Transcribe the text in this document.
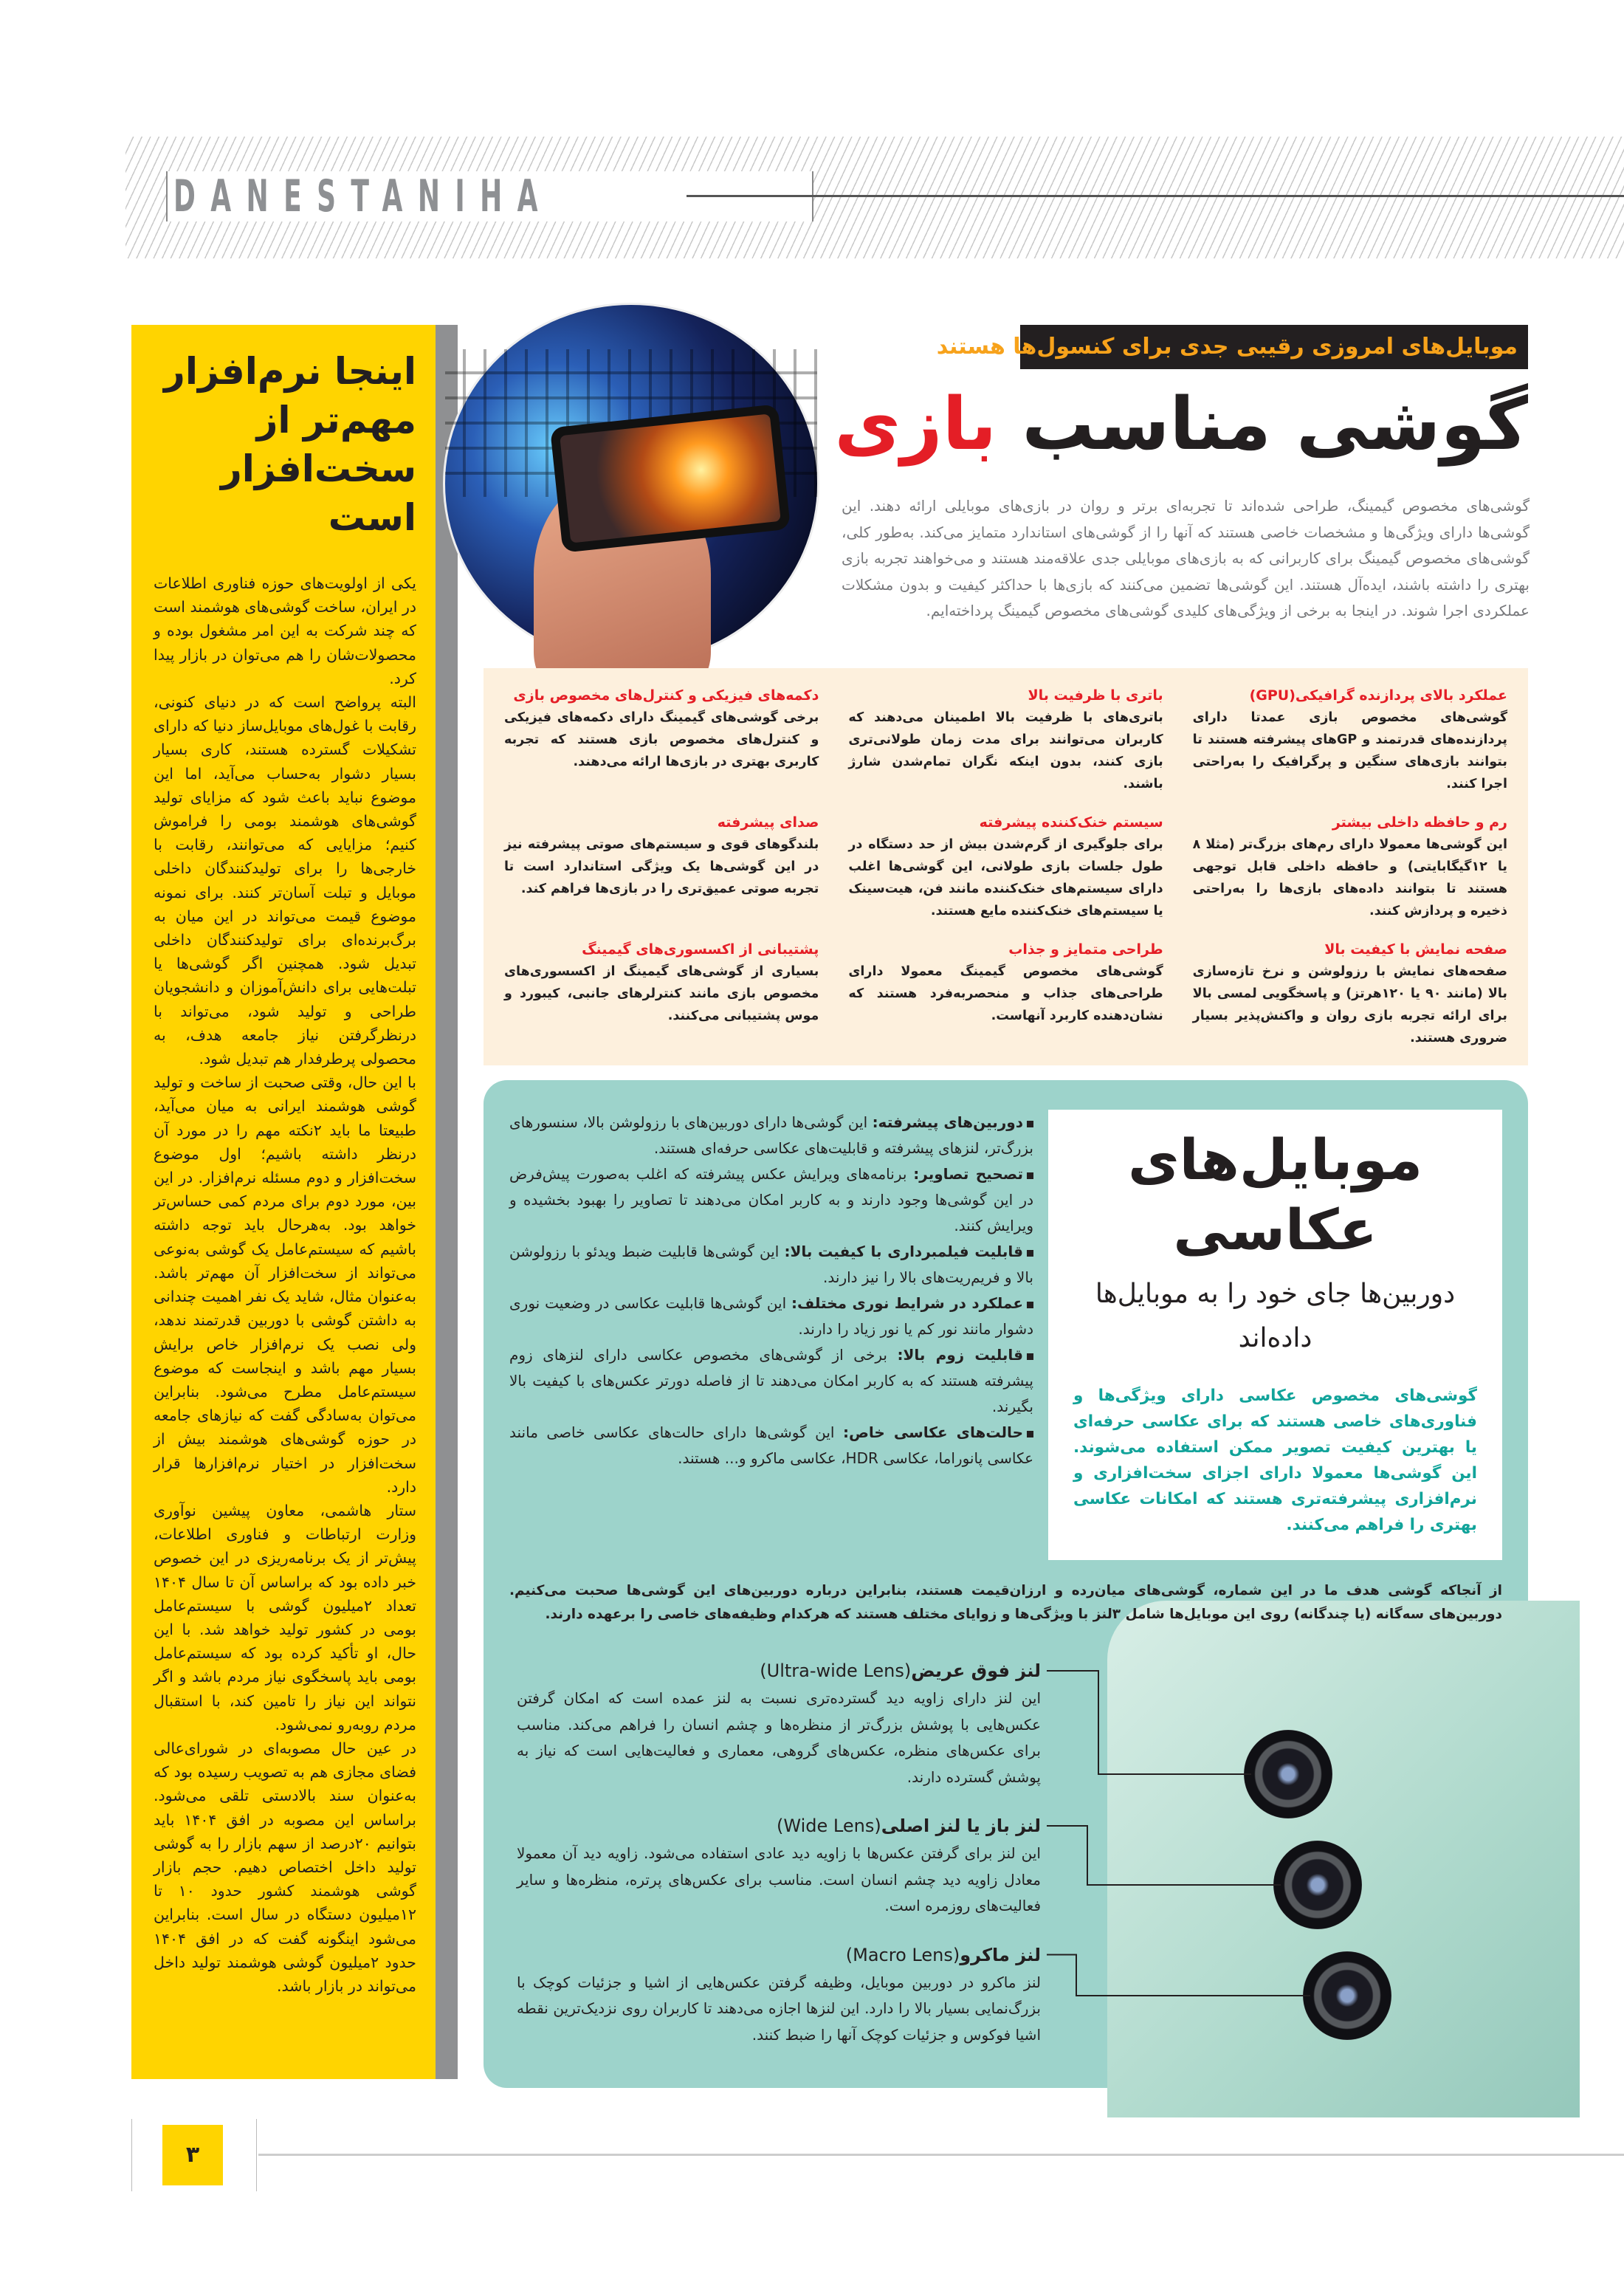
DANESTANIHA
اینجا نرم‌افزار مهم‌تر از سخت‌افزار است

یکی از اولویت‌های حوزه فناوری اطلاعات در ایران، ساخت گوشی‌های هوشمند است که چند شرکت به این امر مشغول بوده و محصولات‌شان را هم می‌توان در بازار پیدا کرد.

البته پرواضح است که در دنیای کنونی، رقابت با غول‌های موبایل‌ساز دنیا که دارای تشکیلات گسترده هستند، کاری بسیار بسیار دشوار به‌حساب می‌آید، اما این موضوع نباید باعث شود که مزایای تولید گوشی‌های هوشمند بومی را فراموش کنیم؛ مزایایی که می‌توانند، رقابت با خارجی‌ها را برای تولیدکنندگان داخلی موبایل و تبلت آسان‌تر کنند. برای نمونه موضوع قیمت می‌تواند در این میان به برگ‌برنده‌ای برای تولیدکنندگان داخلی تبدیل شود. همچنین اگر گوشی‌ها یا تبلت‌هایی برای دانش‌آموزان و دانشجویان طراحی و تولید شود، می‌تواند با درنظرگرفتن نیاز جامعه هدف، به محصولی پرطرفدار هم تبدیل شود.

با این حال، وقتی صحبت از ساخت و تولید گوشی هوشمند ایرانی به میان می‌آید، طبیعتا ما باید ۲نکته مهم را در مورد آن درنظر داشته باشیم؛ اول موضوع سخت‌افزار و دوم مسئله نرم‌افزار. در این بین، مورد دوم برای مردم کمی حساس‌تر خواهد بود. به‌هرحال باید توجه داشته باشیم که سیستم‌عامل یک گوشی به‌نوعی می‌تواند از سخت‌افزار آن مهم‌تر باشد. به‌عنوان مثال، شاید یک نفر اهمیت چندانی به داشتن گوشی با دوربین قدرتمند ندهد، ولی نصب یک نرم‌افزار خاص برایش بسیار مهم باشد و اینجاست که موضوع سیستم‌عامل مطرح می‌شود. بنابراین می‌توان به‌سادگی گفت که نیازهای جامعه در حوزه گوشی‌های هوشمند بیش از سخت‌افزار در اختیار نرم‌افزارها قرار دارد.

ستار هاشمی، معاون پیشین نوآوری وزارت ارتباطات و فناوری اطلاعات، پیش‌تر از یک برنامه‌ریزی در این خصوص خبر داده بود که براساس آن تا سال ۱۴۰۴ تعداد ۲میلیون گوشی با سیستم‌عامل بومی در کشور تولید خواهد شد. با این حال، او تأکید کرده بود که سیستم‌عامل بومی باید پاسخگوی نیاز مردم باشد و اگر نتواند این نیاز را تامین کند، با استقبال مردم روبه‌رو نمی‌شود.

در عین حال مصوبه‌ای در شورای‌عالی فضای مجازی هم به تصویب رسیده بود که به‌عنوان سند بالادستی تلقی می‌شود. براساس این مصوبه در افق ۱۴۰۴ باید بتوانیم ۲۰درصد از سهم بازار را به گوشی تولید داخل اختصاص دهیم. حجم بازار گوشی هوشمند کشور حدود ۱۰ تا ۱۲میلیون دستگاه در سال است. بنابراین می‌شود اینگونه گفت که در افق ۱۴۰۴ حدود ۲میلیون گوشی هوشمند تولید داخل می‌تواند در بازار باشد.

موبایل‌های امروزی رقیبی جدی برای کنسول‌ها هستند
گوشی مناسب بازی

گوشی‌های مخصوص گیمینگ، طراحی شده‌اند تا تجربه‌ای برتر و روان در بازی‌های موبایلی ارائه دهند. این گوشی‌ها دارای ویژگی‌ها و مشخصات خاصی هستند که آنها را از گوشی‌های استاندارد متمایز می‌کند. به‌طور کلی، گوشی‌های مخصوص گیمینگ برای کاربرانی که به بازی‌های موبایلی جدی علاقه‌مند هستند و می‌خواهند تجربه بازی بهتری را داشته باشند، ایده‌آل هستند. این گوشی‌ها تضمین می‌کنند که بازی‌ها با حداکثر کیفیت و بدون مشکلات عملکردی اجرا شوند. در اینجا به برخی از ویژگی‌های کلیدی گوشی‌های مخصوص گیمینگ پرداخته‌ایم.

عملکرد بالای پردازنده گرافیکی(GPU)

گوشی‌های مخصوص بازی عمدتا دارای پردازنده‌های قدرتمند و GPهای پیشرفته هستند تا بتوانند بازی‌های سنگین و پرگرافیک را به‌راحتی اجرا کنند.

باتری با ظرفیت بالا

باتری‌های با ظرفیت بالا اطمینان می‌دهند که کاربران می‌توانند برای مدت زمان طولانی‌تری بازی کنند، بدون اینکه نگران تمام‌شدن شارژ باشند.

دکمه‌های فیزیکی و کنترل‌های مخصوص بازی

برخی گوشی‌های گیمینگ دارای دکمه‌های فیزیکی و کنترل‌های مخصوص بازی هستند که تجربه کاربری بهتری در بازی‌ها ارائه می‌دهند.

رم و حافظه داخلی بیشتر

این گوشی‌ها معمولا دارای رم‌های بزرگ‌تر (مثلا ۸ یا ۱۲گیگابایتی) و حافظه داخلی قابل توجهی هستند تا بتوانند داده‌های بازی‌ها را به‌راحتی ذخیره و پردازش کنند.

سیستم خنک‌کننده پیشرفته

برای جلوگیری از گرم‌شدن بیش از حد دستگاه در طول جلسات بازی طولانی، این گوشی‌ها اغلب دارای سیستم‌های خنک‌کننده مانند فن، هیت‌سینک یا سیستم‌های خنک‌کننده مایع هستند.

صدای پیشرفته

بلندگوهای قوی و سیستم‌های صوتی پیشرفته نیز در این گوشی‌ها یک ویژگی استاندارد است تا تجربه صوتی عمیق‌تری را در بازی‌ها فراهم کند.

صفحه نمایش با کیفیت بالا

صفحه‌های نمایش با رزولوشن و نرخ تازه‌سازی بالا (مانند ۹۰ یا ۱۲۰هرتز) و پاسخگویی لمسی بالا برای ارائه تجربه بازی روان و واکنش‌پذیر بسیار ضروری هستند.

طراحی متمایز و جذاب

گوشی‌های مخصوص گیمینگ معمولا دارای طراحی‌های جذاب و منحصربه‌فرد هستند که نشان‌دهنده کاربرد آنهاست.

پشتیبانی از اکسسوری‌های گیمینگ

بسیاری از گوشی‌های گیمینگ از اکسسوری‌های مخصوص بازی مانند کنترلرهای جانبی، کیبورد و موس پشتیبانی می‌کنند.

موبایل‌های عکاسی
دوربین‌ها جای خود را به موبایل‌ها داده‌اند

گوشی‌های مخصوص عکاسی دارای ویژگی‌ها و فناوری‌های خاصی هستند که برای عکاسی حرفه‌ای یا بهترین کیفیت تصویر ممکن استفاده می‌شوند. این گوشی‌ها معمولا دارای اجزای سخت‌افزاری و نرم‌افزاری پیشرفته‌تری هستند که امکانات عکاسی بهتری را فراهم می‌کنند.

دوربین‌های پیشرفته: این گوشی‌ها دارای دوربین‌های با رزولوشن بالا، سنسورهای بزرگ‌تر، لنزهای پیشرفته و قابلیت‌های عکاسی حرفه‌ای هستند.

تصحیح تصاویر: برنامه‌های ویرایش عکس پیشرفته که اغلب به‌صورت پیش‌فرض در این گوشی‌ها وجود دارند و به کاربر امکان می‌دهند تا تصاویر را بهبود بخشیده و ویرایش کنند.

قابلیت فیلمبرداری با کیفیت بالا: این گوشی‌ها قابلیت ضبط ویدئو با رزولوشن بالا و فریم‌ریت‌های بالا را نیز دارند.

عملکرد در شرایط نوری مختلف: این گوشی‌ها قابلیت عکاسی در وضعیت نوری دشوار مانند نور کم یا نور زیاد را دارند.

قابلیت زوم بالا: برخی از گوشی‌های مخصوص عکاسی دارای لنزهای زوم پیشرفته هستند که به کاربر امکان می‌دهند تا از فاصله دورتر عکس‌های با کیفیت بالا بگیرند.

حالت‌های عکاسی خاص: این گوشی‌ها دارای حالت‌های عکاسی خاصی مانند عکاسی پانوراما، عکاسی HDR، عکاسی ماکرو و... هستند.

از آنجاکه گوشی هدف ما در این شماره، گوشی‌های میان‌رده و ارزان‌قیمت هستند، بنابراین درباره دوربین‌های این گوشی‌ها صحبت می‌کنیم. دوربین‌های سه‌گانه (یا چندگانه) روی این موبایل‌ها شامل ۳لنز با ویژگی‌ها و زوایای مختلف هستند که هرکدام وظیفه‌های خاصی را برعهده دارند.

لنز فوق عریض(Ultra-wide Lens)

این لنز دارای زاویه دید گسترده‌تری نسبت به لنز عمده است که امکان گرفتن عکس‌هایی با پوشش بزرگ‌تر از منظره‌ها و چشم انسان را فراهم می‌کند. مناسب برای عکس‌های منظره، عکس‌های گروهی، معماری و فعالیت‌هایی است که نیاز به پوشش گسترده دارند.

لنز باز یا لنز اصلی(Wide Lens)

این لنز برای گرفتن عکس‌ها با زاویه دید عادی استفاده می‌شود. زاویه دید آن معمولا معادل زاویه دید چشم انسان است. مناسب برای عکس‌های پرتره، منظره‌ها و سایر فعالیت‌های روزمره است.

لنز ماکرو(Macro Lens)

لنز ماکرو در دوربین موبایل، وظیفه گرفتن عکس‌هایی از اشیا و جزئیات کوچک با بزرگ‌نمایی بسیار بالا را دارد. این لنزها اجازه می‌دهند تا کاربران روی نزدیک‌ترین نقطه اشیا فوکوس و جزئیات کوچک آنها را ضبط کنند.

۳
